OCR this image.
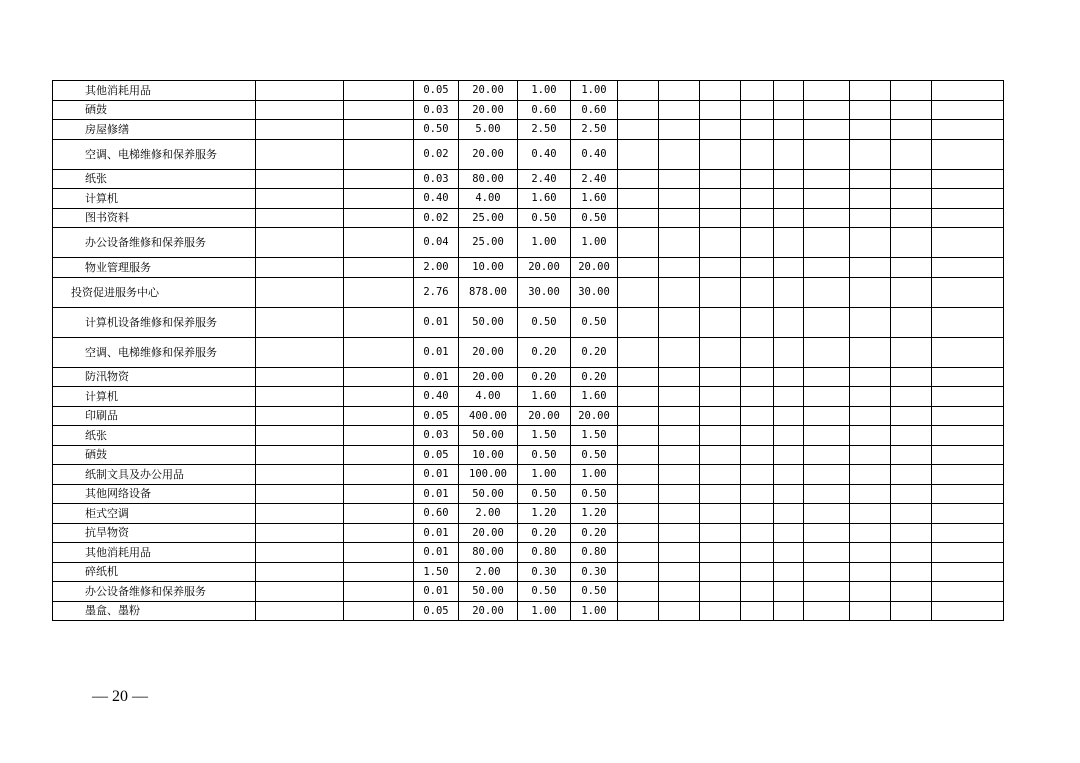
其他消耗用品			0.05	20.00	1.00	1.00									
硒鼓			0.03	20.00	0.60	0.60									
房屋修缮			0.50	5.00	2.50	2.50									
空调、电梯维修和保养服务			0.02	20.00	0.40	0.40									
纸张			0.03	80.00	2.40	2.40									
计算机			0.40	4.00	1.60	1.60									
图书资料			0.02	25.00	0.50	0.50									
办公设备维修和保养服务			0.04	25.00	1.00	1.00									
物业管理服务			2.00	10.00	20.00	20.00									
投资促进服务中心			2.76	878.00	30.00	30.00									
计算机设备维修和保养服务			0.01	50.00	0.50	0.50									
空调、电梯维修和保养服务			0.01	20.00	0.20	0.20									
防汛物资			0.01	20.00	0.20	0.20									
计算机			0.40	4.00	1.60	1.60									
印刷品			0.05	400.00	20.00	20.00									
纸张			0.03	50.00	1.50	1.50									
硒鼓			0.05	10.00	0.50	0.50									
纸制文具及办公用品			0.01	100.00	1.00	1.00									
其他网络设备			0.01	50.00	0.50	0.50									
柜式空调			0.60	2.00	1.20	1.20									
抗旱物资			0.01	20.00	0.20	0.20									
其他消耗用品			0.01	80.00	0.80	0.80									
碎纸机			1.50	2.00	0.30	0.30									
办公设备维修和保养服务			0.01	50.00	0.50	0.50									
墨盒、墨粉			0.05	20.00	1.00	1.00									
— 20 —
